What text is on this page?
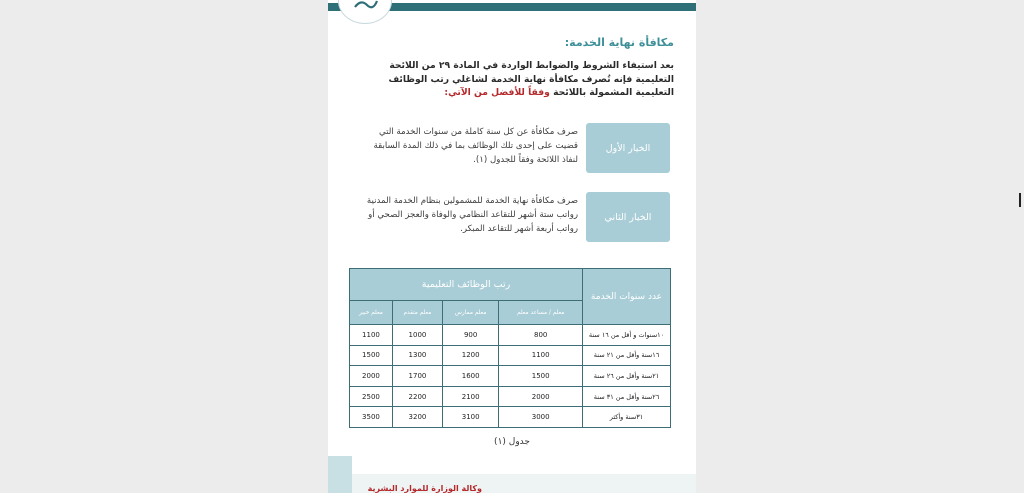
مكافأة نهاية الخدمة:
بعد استيفاء الشروط والضوابط الواردة في المادة ٢٩ من اللائحة التعليمية فإنه تُصرف مكافأة نهاية الخدمة لشاغلي رتب الوظائف التعليمية المشمولة باللائحة وفقاً للأفضل من الآتي:
الخيار الأول
صرف مكافأة عن كل سنة كاملة من سنوات الخدمة التي قضيت على إحدى تلك الوظائف بما في ذلك المدة السابقة لنفاذ اللائحة وفقاً للجدول (١).
الخيار الثاني
صرف مكافأة نهاية الخدمة للمشمولين بنظام الخدمة المدنية رواتب ستة أشهر للتقاعد النظامي والوفاة والعجز الصحي أو رواتب أربعة أشهر للتقاعد المبكر.
عدد سنوات الخدمة	رتب الوظائف التعليمية			
	معلم / مساعد معلم	معلم ممارس	معلم متقدم	معلم خبير
١٠سنوات و أقل من ١٦ سنة	800	900	1000	1100
١٦سنة وأقل من ٢١ سنة	1100	1200	1300	1500
٢١سنة وأقل من ٢٦ سنة	1500	1600	1700	2000
٢٦سنة وأقل من ٣١ سنة	2000	2100	2200	2500
٣١سنة وأكثر	3000	3100	3200	3500
جدول (١)
وكالة الوزارة للموارد البشرية
